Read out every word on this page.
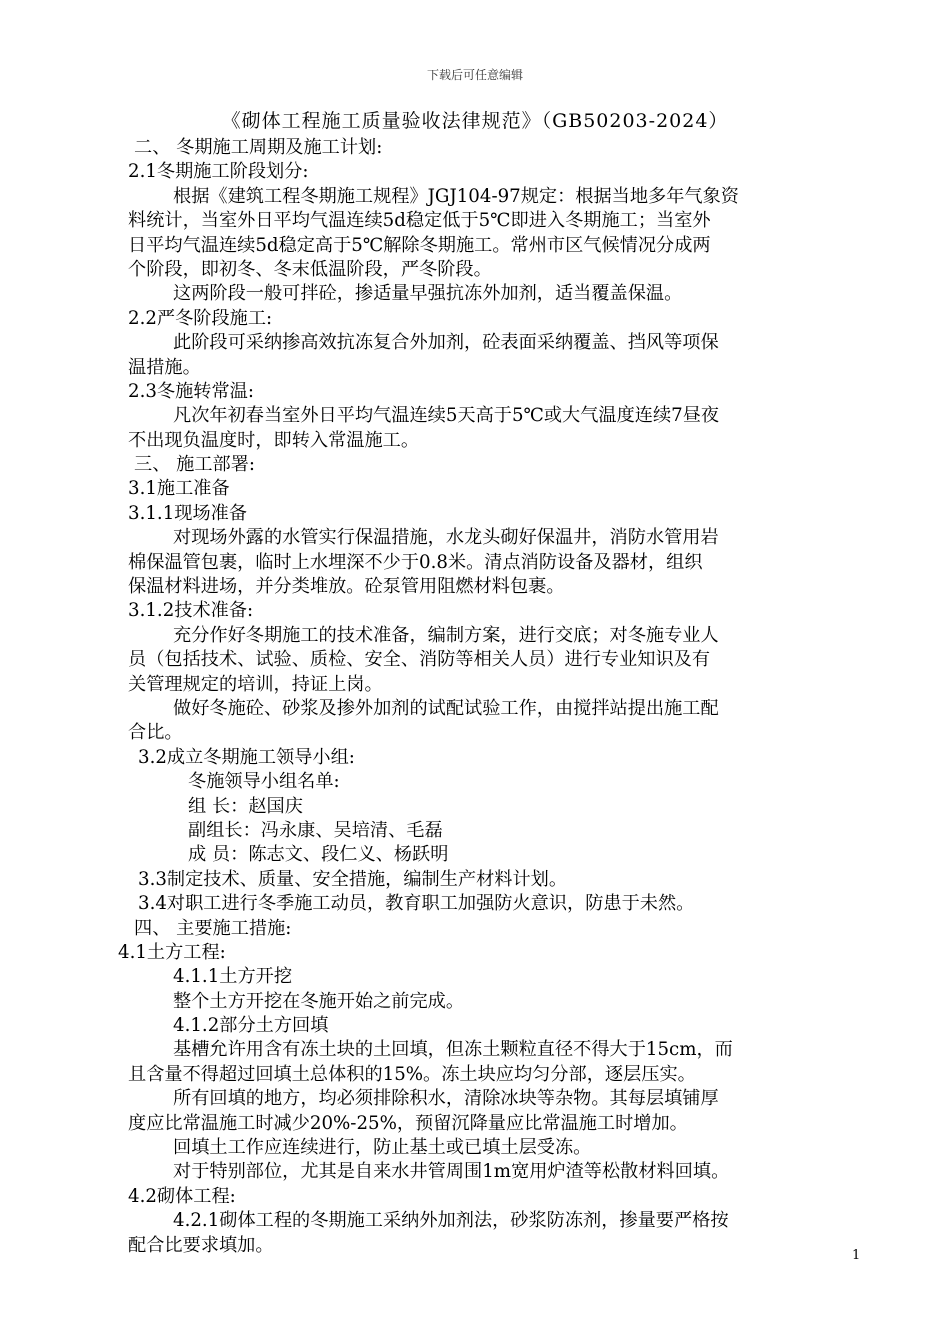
下载后可任意编辑
《砌体工程施工质量验收法律规范》（GB50203-2024）
二、 冬期施工周期及施工计划:
2.1冬期施工阶段划分:
根据《建筑工程冬期施工规程》JGJ104-97规定：根据当地多年气象资
料统计，当室外日平均气温连续5d稳定低于5℃即进入冬期施工；当室外
日平均气温连续5d稳定高于5℃解除冬期施工。常州市区气候情况分成两
个阶段，即初冬、冬末低温阶段，严冬阶段。
这两阶段一般可拌砼，掺适量早强抗冻外加剂，适当覆盖保温。
2.2严冬阶段施工:
此阶段可采纳掺高效抗冻复合外加剂，砼表面采纳覆盖、挡风等项保
温措施。
2.3冬施转常温:
凡次年初春当室外日平均气温连续5天高于5℃或大气温度连续7昼夜
不出现负温度时，即转入常温施工。
三、 施工部署:
3.1施工准备
3.1.1现场准备
对现场外露的水管实行保温措施，水龙头砌好保温井，消防水管用岩
棉保温管包裹，临时上水埋深不少于0.8米。清点消防设备及器材，组织
保温材料进场，并分类堆放。砼泵管用阻燃材料包裹。
3.1.2技术准备:
充分作好冬期施工的技术准备，编制方案，进行交底；对冬施专业人
员（包括技术、试验、质检、安全、消防等相关人员）进行专业知识及有
关管理规定的培训，持证上岗。
做好冬施砼、砂浆及掺外加剂的试配试验工作，由搅拌站提出施工配
合比。
3.2成立冬期施工领导小组:
冬施领导小组名单:
组 长：赵国庆
副组长：冯永康、吴培清、毛磊
成 员：陈志文、段仁义、杨跃明
3.3制定技术、质量、安全措施，编制生产材料计划。
3.4对职工进行冬季施工动员，教育职工加强防火意识，防患于未然。
四、 主要施工措施:
4.1土方工程:
4.1.1土方开挖
整个土方开挖在冬施开始之前完成。
4.1.2部分土方回填
基槽允许用含有冻土块的土回填，但冻土颗粒直径不得大于15cm，而
且含量不得超过回填土总体积的15%。冻土块应均匀分部，逐层压实。
所有回填的地方，均必须排除积水，清除冰块等杂物。其每层填铺厚
度应比常温施工时减少20%-25%，预留沉降量应比常温施工时增加。
回填土工作应连续进行，防止基土或已填土层受冻。
对于特别部位，尤其是自来水井管周围1m宽用炉渣等松散材料回填。
4.2砌体工程:
4.2.1砌体工程的冬期施工采纳外加剂法，砂浆防冻剂，掺量要严格按
配合比要求填加。	1
